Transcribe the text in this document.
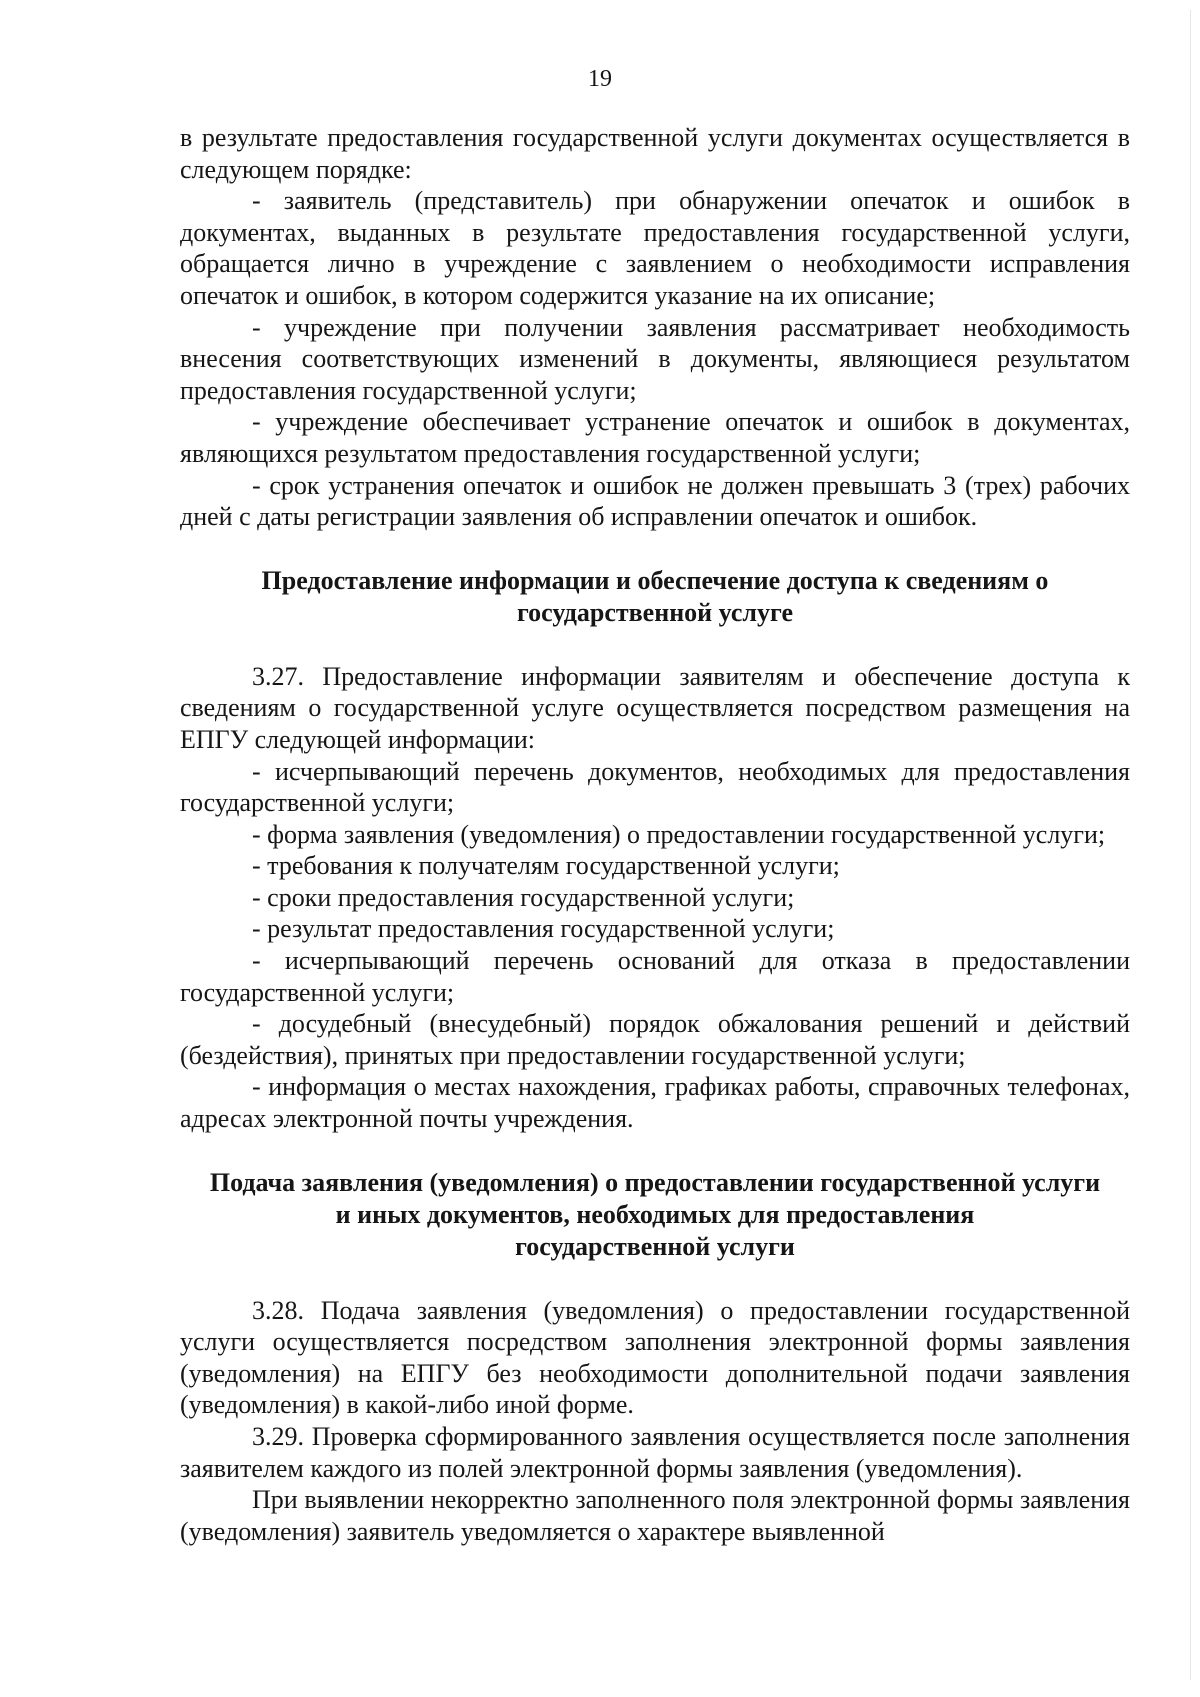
19

в результате предоставления государственной услуги документах осуществляется в следующем порядке:

- заявитель (представитель) при обнаружении опечаток и ошибок в документах, выданных в результате предоставления государственной услуги, обращается лично в учреждение с заявлением о необходимости исправления опечаток и ошибок, в котором содержится указание на их описание;

- учреждение при получении заявления рассматривает необходимость внесения соответствующих изменений в документы, являющиеся результатом предоставления государственной услуги;

- учреждение обеспечивает устранение опечаток и ошибок в документах, являющихся результатом предоставления государственной услуги;

- срок устранения опечаток и ошибок не должен превышать 3 (трех) рабочих дней с даты регистрации заявления об исправлении опечаток и ошибок.

Предоставление информации и обеспечение доступа к сведениям о
государственной услуге

3.27. Предоставление информации заявителям и обеспечение доступа к сведениям о государственной услуге осуществляется посредством размещения на ЕПГУ следующей информации:

- исчерпывающий перечень документов, необходимых для предоставления государственной услуги;

- форма заявления (уведомления) о предоставлении государственной услуги;

- требования к получателям государственной услуги;

- сроки предоставления государственной услуги;

- результат предоставления государственной услуги;

- исчерпывающий перечень оснований для отказа в предоставлении государственной услуги;

- досудебный (внесудебный) порядок обжалования решений и действий (бездействия), принятых при предоставлении государственной услуги;

- информация о местах нахождения, графиках работы, справочных телефонах, адресах электронной почты учреждения.

Подача заявления (уведомления) о предоставлении государственной услуги
и иных документов, необходимых для предоставления
государственной услуги

3.28. Подача заявления (уведомления) о предоставлении государственной услуги осуществляется посредством заполнения электронной формы заявления (уведомления) на ЕПГУ без необходимости дополнительной подачи заявления (уведомления) в какой-либо иной форме.

3.29. Проверка сформированного заявления осуществляется после заполнения заявителем каждого из полей электронной формы заявления (уведомления).

При выявлении некорректно заполненного поля электронной формы заявления (уведомления) заявитель уведомляется о характере выявленной
